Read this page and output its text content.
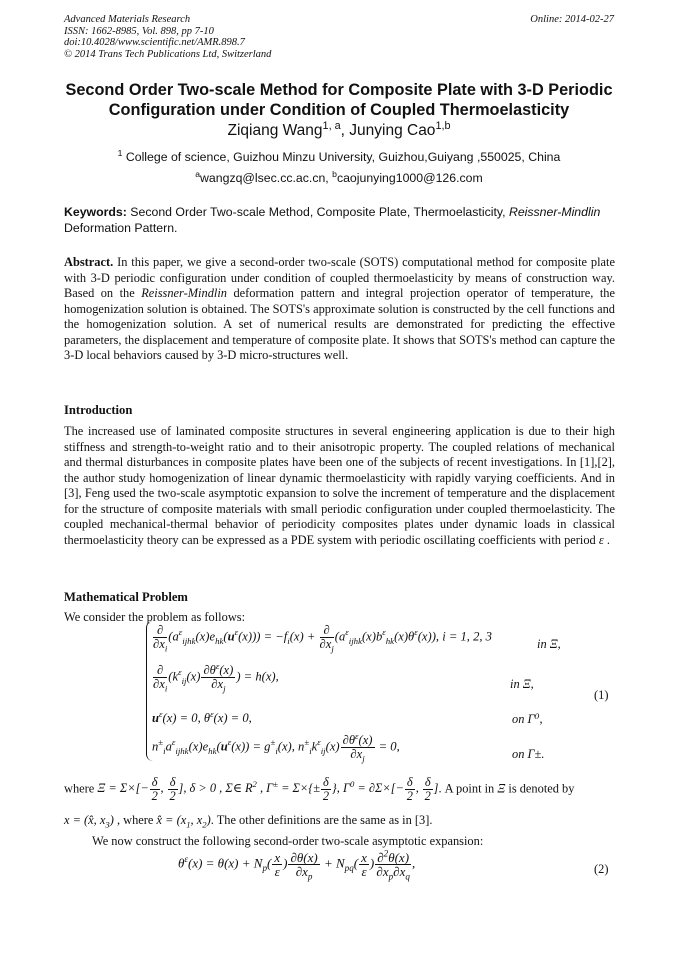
Advanced Materials Research
ISSN: 1662-8985, Vol. 898, pp 7-10
doi:10.4028/www.scientific.net/AMR.898.7
© 2014 Trans Tech Publications Ltd, Switzerland
Online: 2014-02-27
Second Order Two-scale Method for Composite Plate with 3-D Periodic
Configuration under Condition of Coupled Thermoelasticity
Ziqiang Wang$^{1, a}$, Junying Cao$^{1,b}$
$^1$ College of science, Guizhou Minzu University, Guizhou,Guiyang ,550025, China
$^a$wangzq@lsec.cc.ac.cn, $^b$caojunying1000@126.com
Keywords: Second Order Two-scale Method, Composite Plate, Thermoelasticity, Reissner-Mindlin Deformation Pattern.
Abstract. In this paper, we give a second-order two-scale (SOTS) computational method for composite plate with 3-D periodic configuration under condition of coupled thermoelasticity by means of construction way. Based on the Reissner-Mindlin deformation pattern and integral projection operator of temperature, the homogenization solution is obtained. The SOTS's approximate solution is constructed by the cell functions and the homogenization solution. A set of numerical results are demonstrated for predicting the effective parameters, the displacement and temperature of composite plate. It shows that SOTS's method can capture the 3-D local behaviors caused by 3-D micro-structures well.
Introduction
The increased use of laminated composite structures in several engineering application is due to their high stiffness and strength-to-weight ratio and to their anisotropic property. The coupled relations of mechanical and thermal disturbances in composite plates have been one of the subjects of recent investigations. In [1],[2], the author study homogenization of linear dynamic thermoelasticity with rapidly varying coefficients. And in [3], Feng used the two-scale asymptotic expansion to solve the increment of temperature and the displacement for the structure of composite materials with small periodic configuration under coupled thermoelasticity. The coupled mechanical-thermal behavior of periodicity composites plates under dynamic loads in classical thermoelasticity theory can be expressed as a PDE system with periodic oscillating coefficients with period ε .
Mathematical Problem
We consider the problem as follows:
$\frac{\partial}{\partial x_i} (a^\varepsilon_{ijhk}(x)e_{hk}(u^\varepsilon(x))) = -f_i(x) + \frac{\partial}{\partial x_j} (a^\varepsilon_{ijhk}(x)b^\varepsilon_{hk}(x)\theta^\varepsilon(x))$, i = 1, 2, 3
in Ξ,
$\frac{\partial}{\partial x_i} (k^\varepsilon_{ij}(x) \frac{\partial\theta^\varepsilon(x)}{\partial x_j}$ ) = h(x),
in Ξ,
(1)
$u^\varepsilon(x) = 0$, $\theta^\varepsilon(x) = 0$,	on Γ⁰,
$n^\pm_ia^\varepsilon_{ijhk}(x)e_{hk}(u^\varepsilon(x)) = g^\pm_i(x)$, $n^\pm_ik^\varepsilon_{ij}(x) \frac{\partial\theta^\varepsilon(x)}{\partial x_j} = 0$,
on Γ±.
where $\Xi = \Sigma\times[- \frac{\delta}{2}$ , $\frac{\delta}{2}$ ], δ > 0 , Σ∈ $R^2$ , $\Gamma^\pm = \Sigma\times\{\pm \frac{\delta}{2}$ }, $\Gamma^0 = \partial\Sigma\times[- \frac{\delta}{2}$ , $\frac{\delta}{2}$ ]. A point in Ξ is denoted by
x = (x̂, $x_3$) , where x̂ = ($x_1$, $x_2$). The other definitions are the same as in [3].
We now construct the following second-order two-scale asymptotic expansion:
$\theta^\varepsilon(x) = \theta(x) + N_p( \frac{x}{\varepsilon}$ ) $\frac{\partial\theta(x)}{\partial x_p} + N_{pq}( \frac{x}{\varepsilon}$ ) $\frac{\partial^2\theta(x)}{\partial x_p\partial x_q}$ ,	(2)
